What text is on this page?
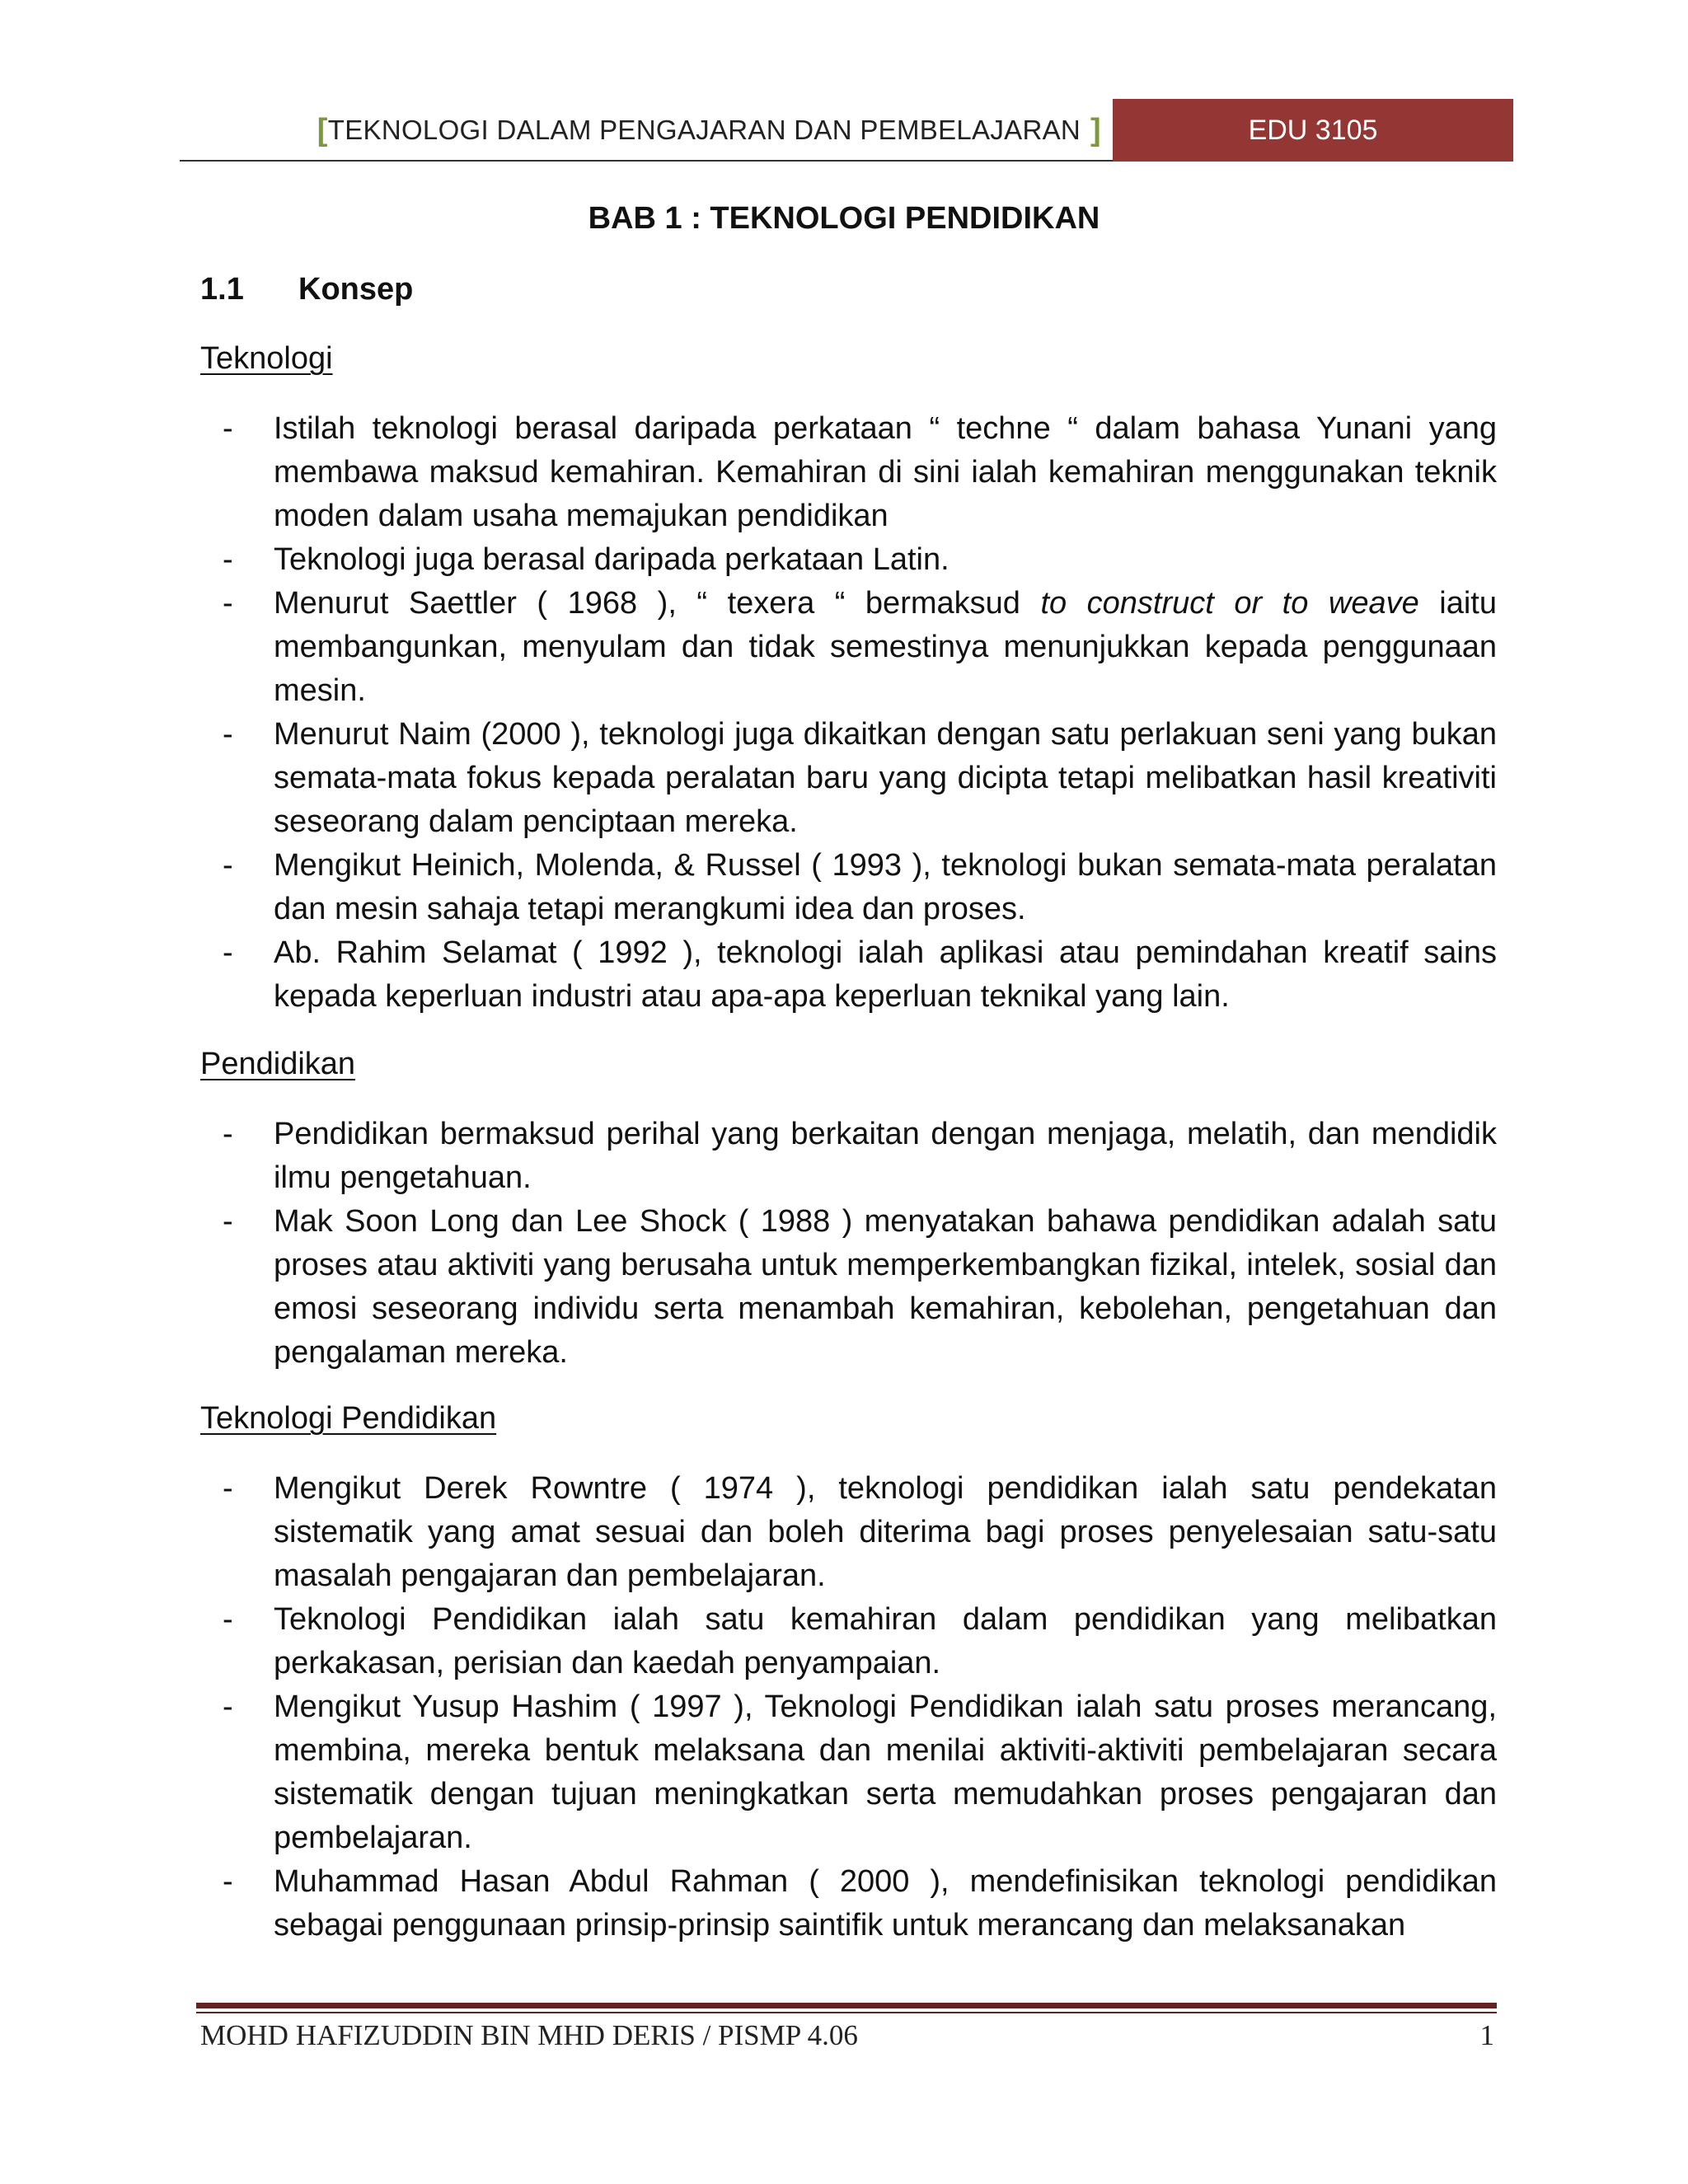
[ TEKNOLOGI DALAM PENGAJARAN DAN PEMBELAJARAN ]	EDU 3105
BAB 1 : TEKNOLOGI PENDIDIKAN
1.1 Konsep
Teknologi
- Istilah teknologi berasal daripada perkataan “ techne “ dalam bahasa Yunani yang membawa maksud kemahiran. Kemahiran di sini ialah kemahiran menggunakan teknik moden dalam usaha memajukan pendidikan
- Teknologi juga berasal daripada perkataan Latin.
- Menurut Saettler ( 1968 ), “ texera “ bermaksud to construct or to weave iaitu membangunkan, menyulam dan tidak semestinya menunjukkan kepada penggunaan mesin.
- Menurut Naim (2000 ), teknologi juga dikaitkan dengan satu perlakuan seni yang bukan semata-mata fokus kepada peralatan baru yang dicipta tetapi melibatkan hasil kreativiti seseorang dalam penciptaan mereka.
- Mengikut Heinich, Molenda, & Russel ( 1993 ), teknologi bukan semata-mata peralatan dan mesin sahaja tetapi merangkumi idea dan proses.
- Ab. Rahim Selamat ( 1992 ), teknologi ialah aplikasi atau pemindahan kreatif sains kepada keperluan industri atau apa-apa keperluan teknikal yang lain.
Pendidikan
- Pendidikan bermaksud perihal yang berkaitan dengan menjaga, melatih, dan mendidik ilmu pengetahuan.
- Mak Soon Long dan Lee Shock ( 1988 ) menyatakan bahawa pendidikan adalah satu proses atau aktiviti yang berusaha untuk memperkembangkan fizikal, intelek, sosial dan emosi seseorang individu serta menambah kemahiran, kebolehan, pengetahuan dan pengalaman mereka.
Teknologi Pendidikan
- Mengikut Derek Rowntre ( 1974 ), teknologi pendidikan ialah satu pendekatan sistematik yang amat sesuai dan boleh diterima bagi proses penyelesaian satu-satu masalah pengajaran dan pembelajaran.
- Teknologi Pendidikan ialah satu kemahiran dalam pendidikan yang melibatkan perkakasan, perisian dan kaedah penyampaian.
- Mengikut Yusup Hashim ( 1997 ), Teknologi Pendidikan ialah satu proses merancang, membina, mereka bentuk melaksana dan menilai aktiviti-aktiviti pembelajaran secara sistematik dengan tujuan meningkatkan serta memudahkan proses pengajaran dan pembelajaran.
- Muhammad Hasan Abdul Rahman ( 2000 ), mendefinisikan teknologi pendidikan sebagai penggunaan prinsip-prinsip saintifik untuk merancang dan melaksanakan
MOHD HAFIZUDDIN BIN MHD DERIS / PISMP 4.06	1
